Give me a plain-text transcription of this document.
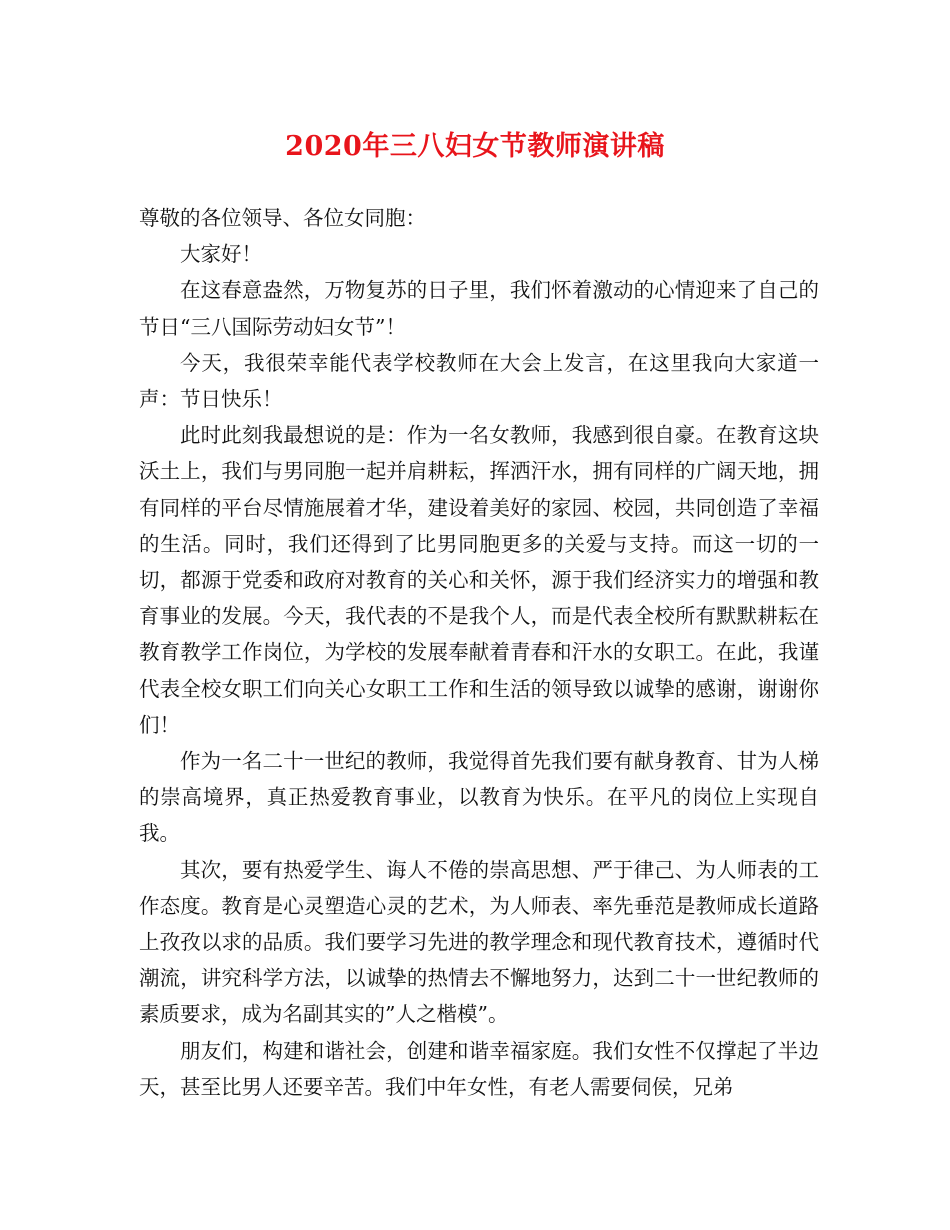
2020年三八妇女节教师演讲稿

尊敬的各位领导、各位女同胞：

大家好！

在这春意盎然，万物复苏的日子里，我们怀着激动的心情迎来了自己的节日“三八国际劳动妇女节”！

今天，我很荣幸能代表学校教师在大会上发言，在这里我向大家道一声：节日快乐！

此时此刻我最想说的是：作为一名女教师，我感到很自豪。在教育这块沃土上，我们与男同胞一起并肩耕耘，挥洒汗水，拥有同样的广阔天地，拥有同样的平台尽情施展着才华，建设着美好的家园、校园，共同创造了幸福的生活。同时，我们还得到了比男同胞更多的关爱与支持。而这一切的一切，都源于党委和政府对教育的关心和关怀，源于我们经济实力的增强和教育事业的发展。今天，我代表的不是我个人，而是代表全校所有默默耕耘在教育教学工作岗位，为学校的发展奉献着青春和汗水的女职工。在此，我谨代表全校女职工们向关心女职工工作和生活的领导致以诚挚的感谢，谢谢你们！

作为一名二十一世纪的教师，我觉得首先我们要有献身教育、甘为人梯的崇高境界，真正热爱教育事业，以教育为快乐。在平凡的岗位上实现自我。

其次，要有热爱学生、诲人不倦的崇高思想、严于律己、为人师表的工作态度。教育是心灵塑造心灵的艺术，为人师表、率先垂范是教师成长道路上孜孜以求的品质。我们要学习先进的教学理念和现代教育技术，遵循时代潮流，讲究科学方法，以诚挚的热情去不懈地努力，达到二十一世纪教师的素质要求，成为名副其实的”人之楷模”。

朋友们，构建和谐社会，创建和谐幸福家庭。我们女性不仅撑起了半边天，甚至比男人还要辛苦。我们中年女性，有老人需要伺侯，兄弟
